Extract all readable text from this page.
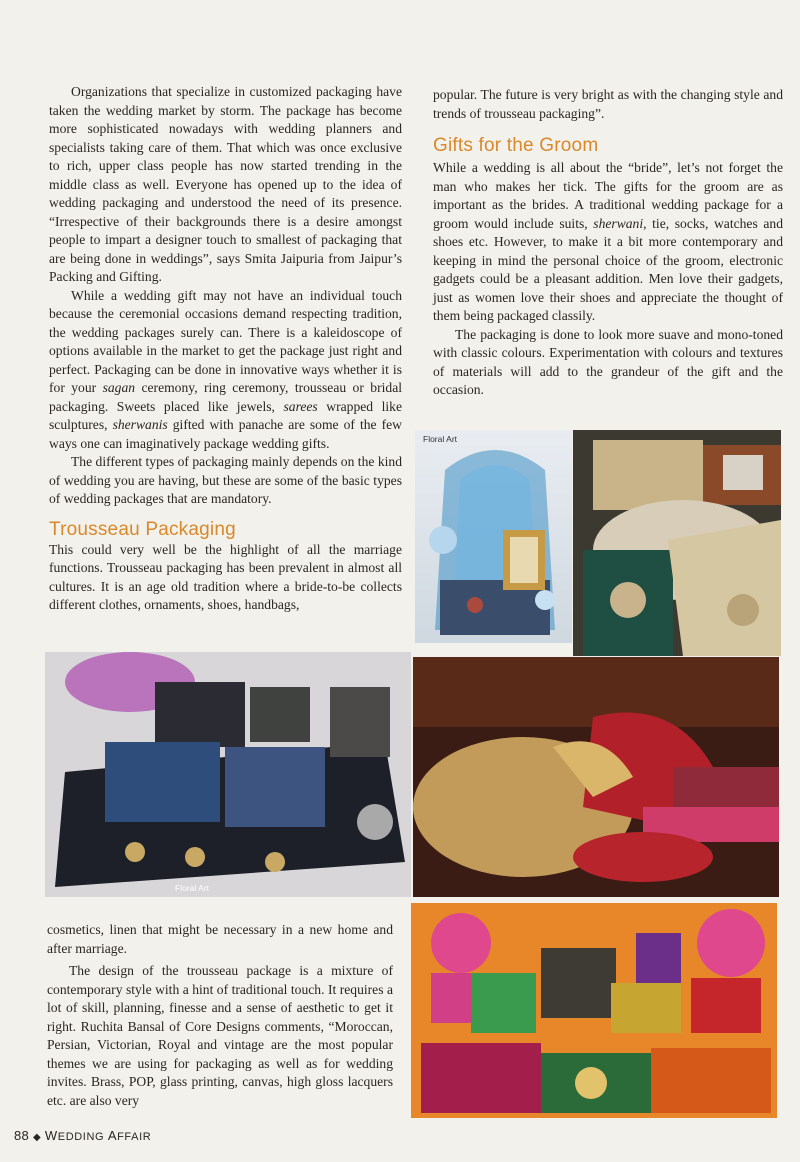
Organizations that specialize in customized packaging have taken the wedding market by storm. The package has become more sophisticated nowadays with wedding planners and specialists taking care of them. That which was once exclusive to rich, upper class people has now started trending in the middle class as well. Everyone has opened up to the idea of wedding packaging and understood the need of its presence. “Irrespective of their backgrounds there is a desire amongst people to impart a designer touch to smallest of packaging that are being done in weddings”, says Smita Jaipuria from Jaipur’s Packing and Gifting.

While a wedding gift may not have an individual touch because the ceremonial occasions demand respecting tradition, the wedding packages surely can. There is a kaleidoscope of options available in the market to get the package just right and perfect. Packaging can be done in innovative ways whether it is for your sagan ceremony, ring ceremony, trousseau or bridal packaging. Sweets placed like jewels, sarees wrapped like sculptures, sherwanis gifted with panache are some of the few ways one can imaginatively package wedding gifts.

The different types of packaging mainly depends on the kind of wedding you are having, but these are some of the basic types of wedding packages that are mandatory.

Trousseau Packaging

This could very well be the highlight of all the marriage functions. Trousseau packaging has been prevalent in almost all cultures. It is an age old tradition where a bride-to-be collects different clothes, ornaments, shoes, handbags,

cosmetics, linen that might be necessary in a new home and after marriage.

The design of the trousseau package is a mixture of contemporary style with a hint of traditional touch. It requires a lot of skill, planning, finesse and a sense of aesthetic to get it right. Ruchita Bansal of Core Designs comments, “Moroccan, Persian, Victorian, Royal and vintage are the most popular themes we are using for packaging as well as for wedding invites. Brass, POP, glass printing, canvas, high gloss lacquers etc. are also very

popular. The future is very bright as with the changing style and trends of trousseau packaging”.

Gifts for the Groom

While a wedding is all about the “bride”, let’s not forget the man who makes her tick. The gifts for the groom are as important as the brides. A traditional wedding package for a groom would include suits, sherwani, tie, socks, watches and shoes etc. However, to make it a bit more contemporary and keeping in mind the personal choice of the groom, electronic gadgets could be a pleasant addition. Men love their gadgets, just as women love their shoes and appreciate the thought of them being packaged classily.

The packaging is done to look more suave and mono-toned with classic colours. Experimentation with colours and textures of materials will add to the grandeur of the gift and the occasion.

Floral Art
Floral Art
88 ◆ WEDDING AFFAIR
